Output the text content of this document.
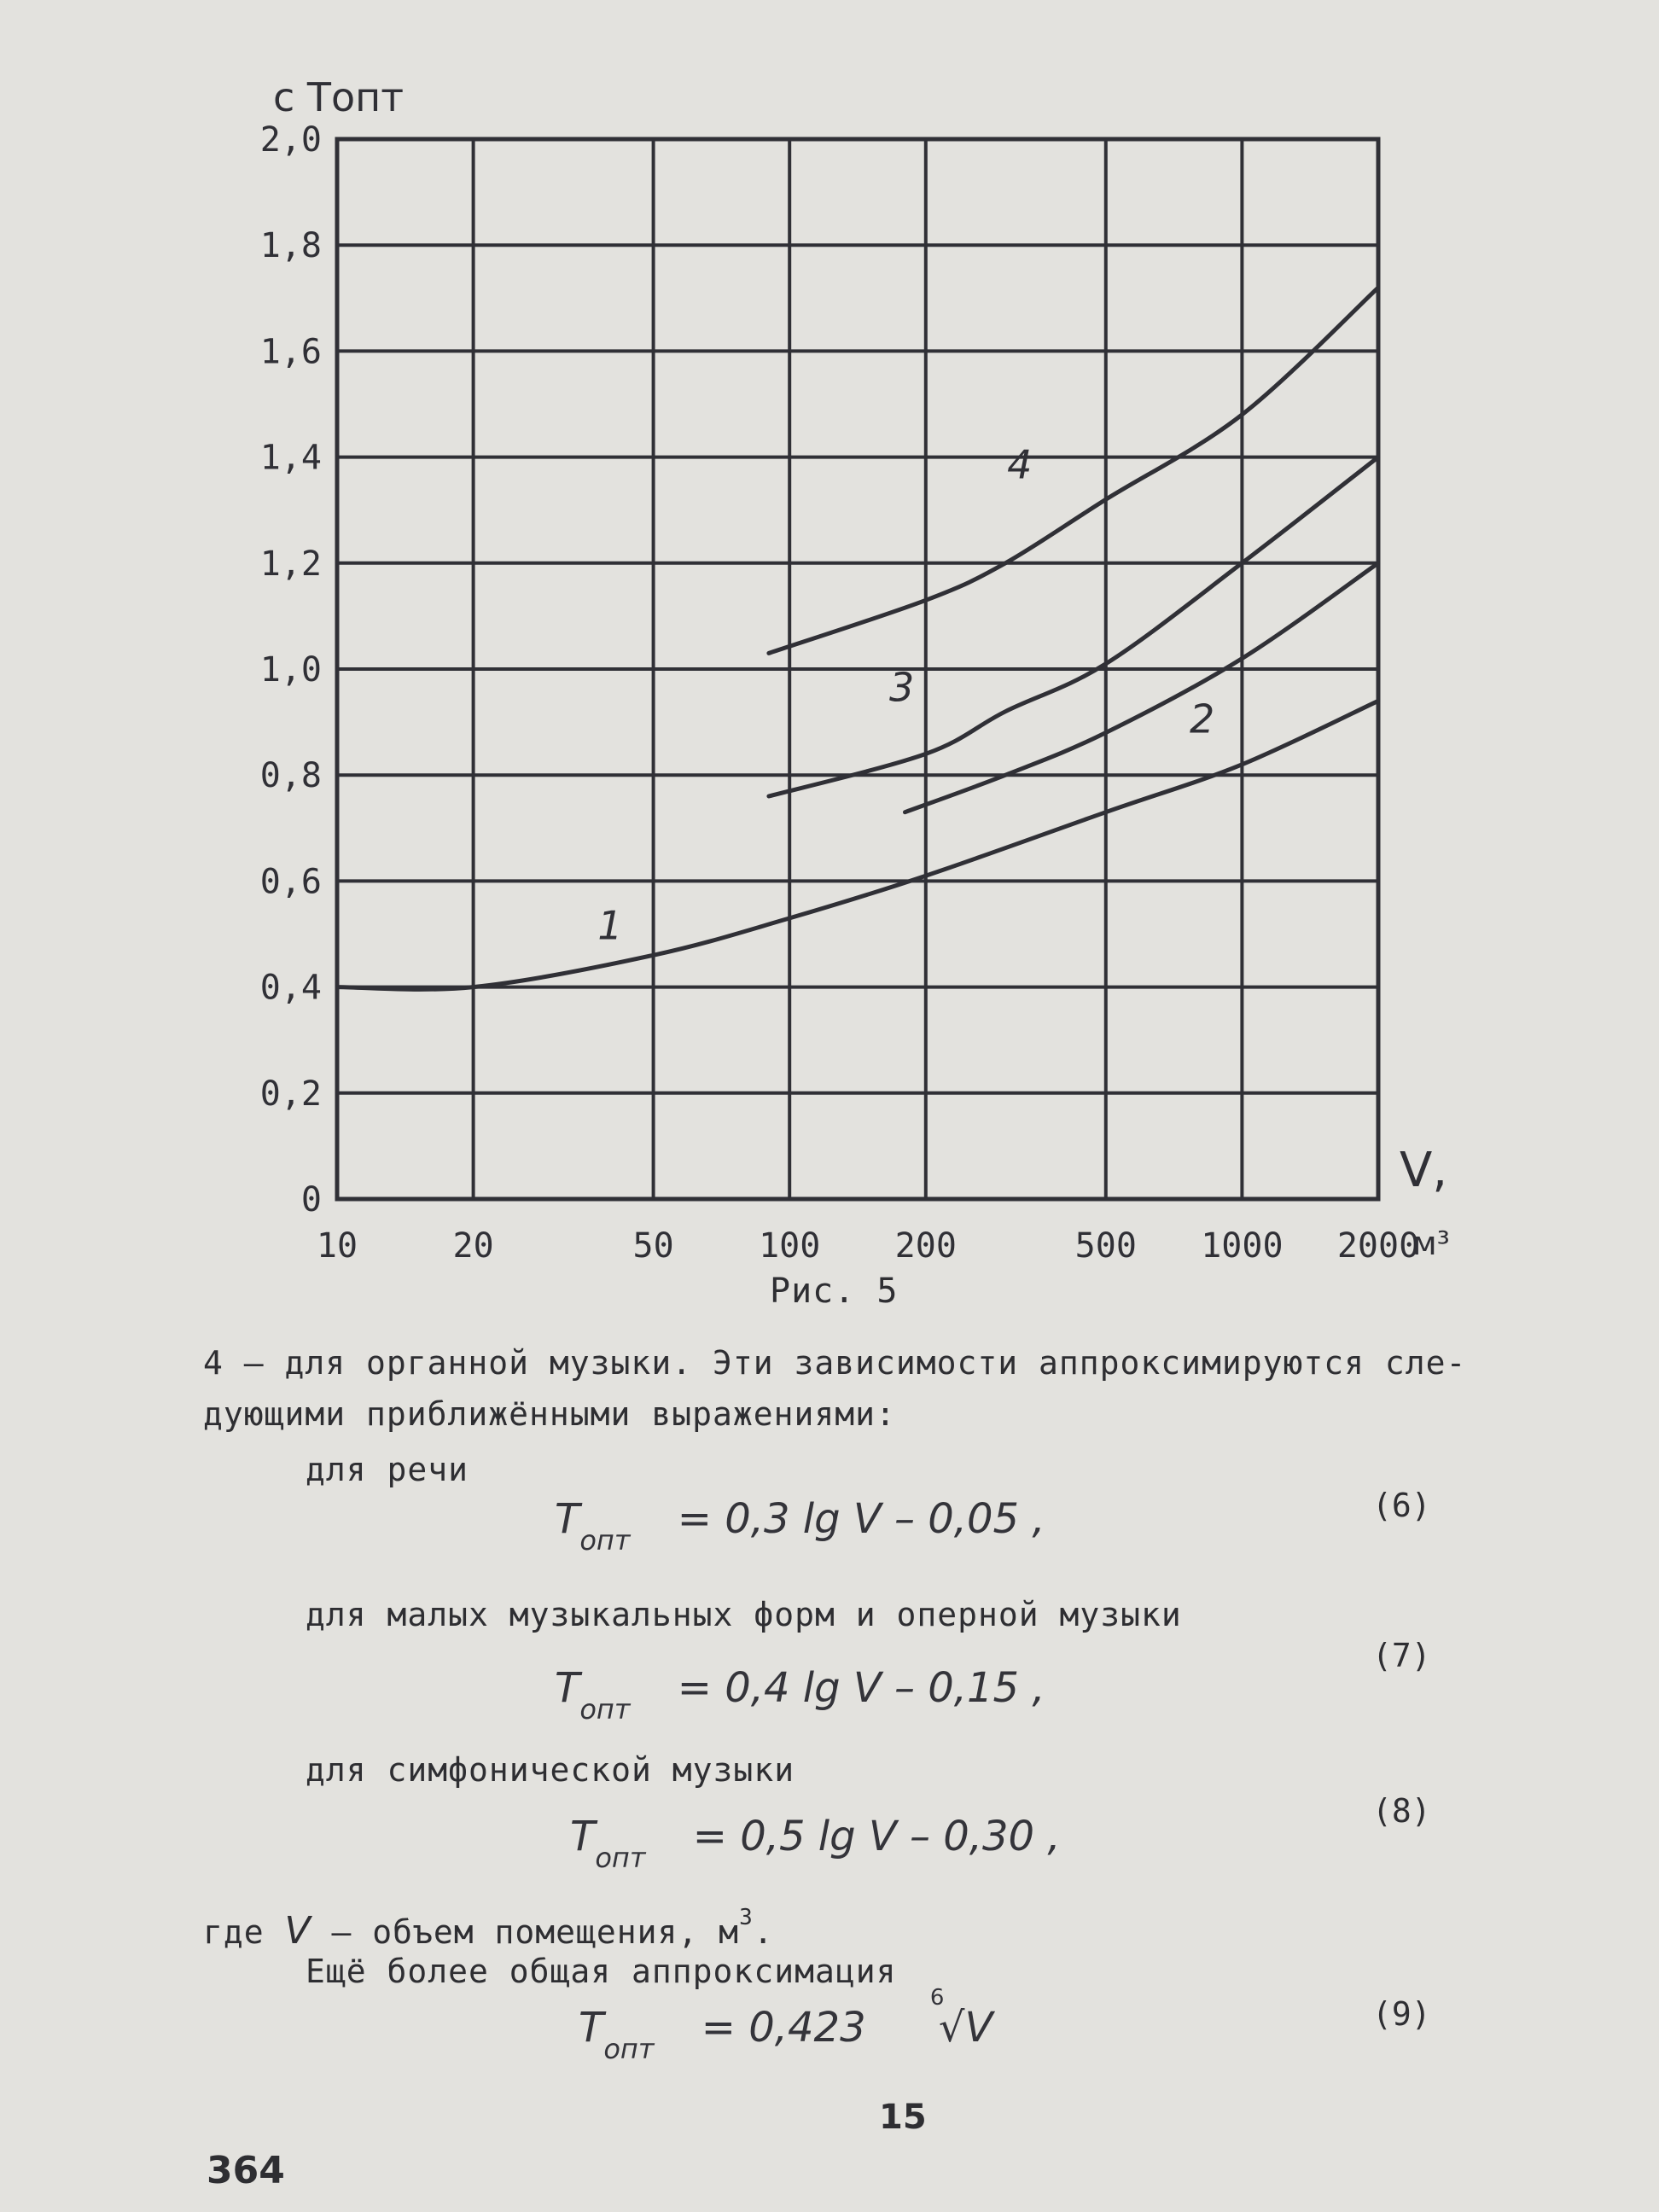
10	20	50 100 200	500 1000 2000
0
0,2
0,4
0,6
0,8
1,0
1,2
1,4
1,6
1,8
2,0
c Tопт
V,
м³
1
2
3
4
Рис. 5
4 – для органной музыки. Эти зависимости аппроксимируются сле-
дующими приближёнными выражениями:
для речи
$T_{опт} = 0,3$ lg V – 0,05 ,	(6)
для малых музыкальных форм и оперной музыки
$T_{опт} = 0,4$ lg V – 0,15 ,
(7)
для симфонической музыки
$T_{опт} = 0,5$ lg V – 0,30 ,
(8)
где V – объем помещения, $м^3$.
Ещё более общая аппроксимация
$T_{опт} = 0,423$
6
√V	(9)
15
364
